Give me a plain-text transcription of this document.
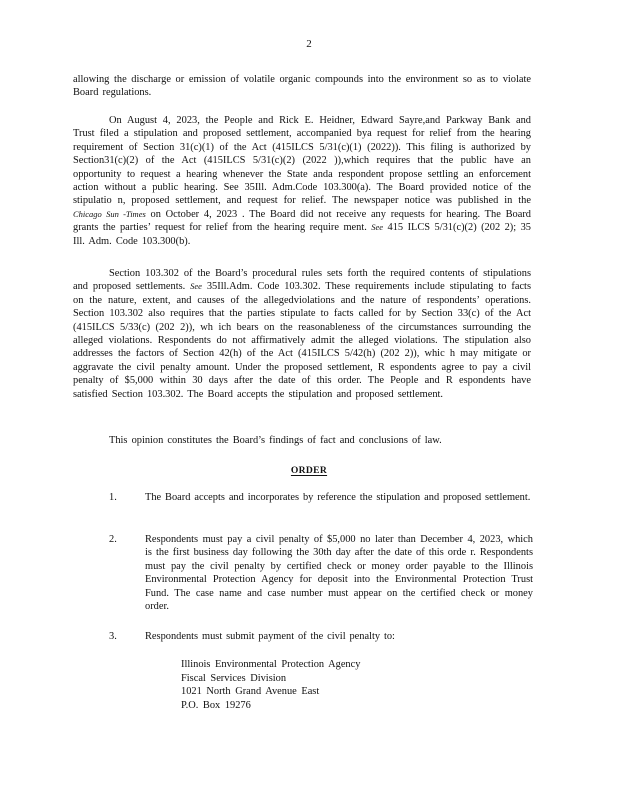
2

allowing the discharge or emission of volatile organic compounds into the environment so as to violate Board regulations.

On August 4, 2023, the People and Rick E. Heidner, Edward Sayre,and Parkway Bank and Trust filed a stipulation and proposed settlement, accompanied bya request for relief from the hearing requirement of Section 31(c)(1) of the Act (415ILCS 5/31(c)(1) (2022)). This filing is authorized by Section31(c)(2) of the Act (415ILCS 5/31(c)(2) (2022 )),which requires that the public have an opportunity to request a hearing whenever the State anda respondent propose settling an enforcement action without a public hearing. See 35Ill. Adm.Code 103.300(a). The Board provided notice of the stipulatio n, proposed settlement, and request for relief. The newspaper notice was published in the Chicago Sun -Times on October 4, 2023 . The Board did not receive any requests for hearing. The Board grants the parties’ request for relief from the hearing require ment. See 415 ILCS 5/31(c)(2) (202 2); 35 Ill. Adm. Code 103.300(b).

Section 103.302 of the Board’s procedural rules sets forth the required contents of stipulations and proposed settlements. See 35Ill.Adm. Code 103.302. These requirements include stipulating to facts on the nature, extent, and causes of the allegedviolations and the nature of respondents’ operations. Section 103.302 also requires that the parties stipulate to facts called for by Section 33(c) of the Act (415ILCS 5/33(c) (202 2)), wh ich bears on the reasonableness of the circumstances surrounding the alleged violations. Respondents do not affirmatively admit the alleged violations. The stipulation also addresses the factors of Section 42(h) of the Act (415ILCS 5/42(h) (202 2)), whic h may mitigate or aggravate the civil penalty amount. Under the proposed settlement, R espondents agree to pay a civil penalty of $5,000 within 30 days after the date of this order. The People and R espondents have satisfied Section 103.302. The Board accepts the stipulation and proposed settlement.

This opinion constitutes the Board’s findings of fact and conclusions of law.

ORDER
1.	The Board accepts and incorporates by reference the stipulation and proposed settlement.
2.	Respondents must pay a civil penalty of $5,000 no later than December 4, 2023, which is the first business day following the 30th day after the date of this orde r. Respondents must pay the civil penalty by certified check or money order payable to the Illinois Environmental Protection Agency for deposit into the Environmental Protection Trust Fund. The case name and case number must appear on the certified check or money order.
3.	Respondents must submit payment of the civil penalty to:
Illinois Environmental Protection Agency
Fiscal Services Division
1021 North Grand Avenue East
P.O. Box 19276
